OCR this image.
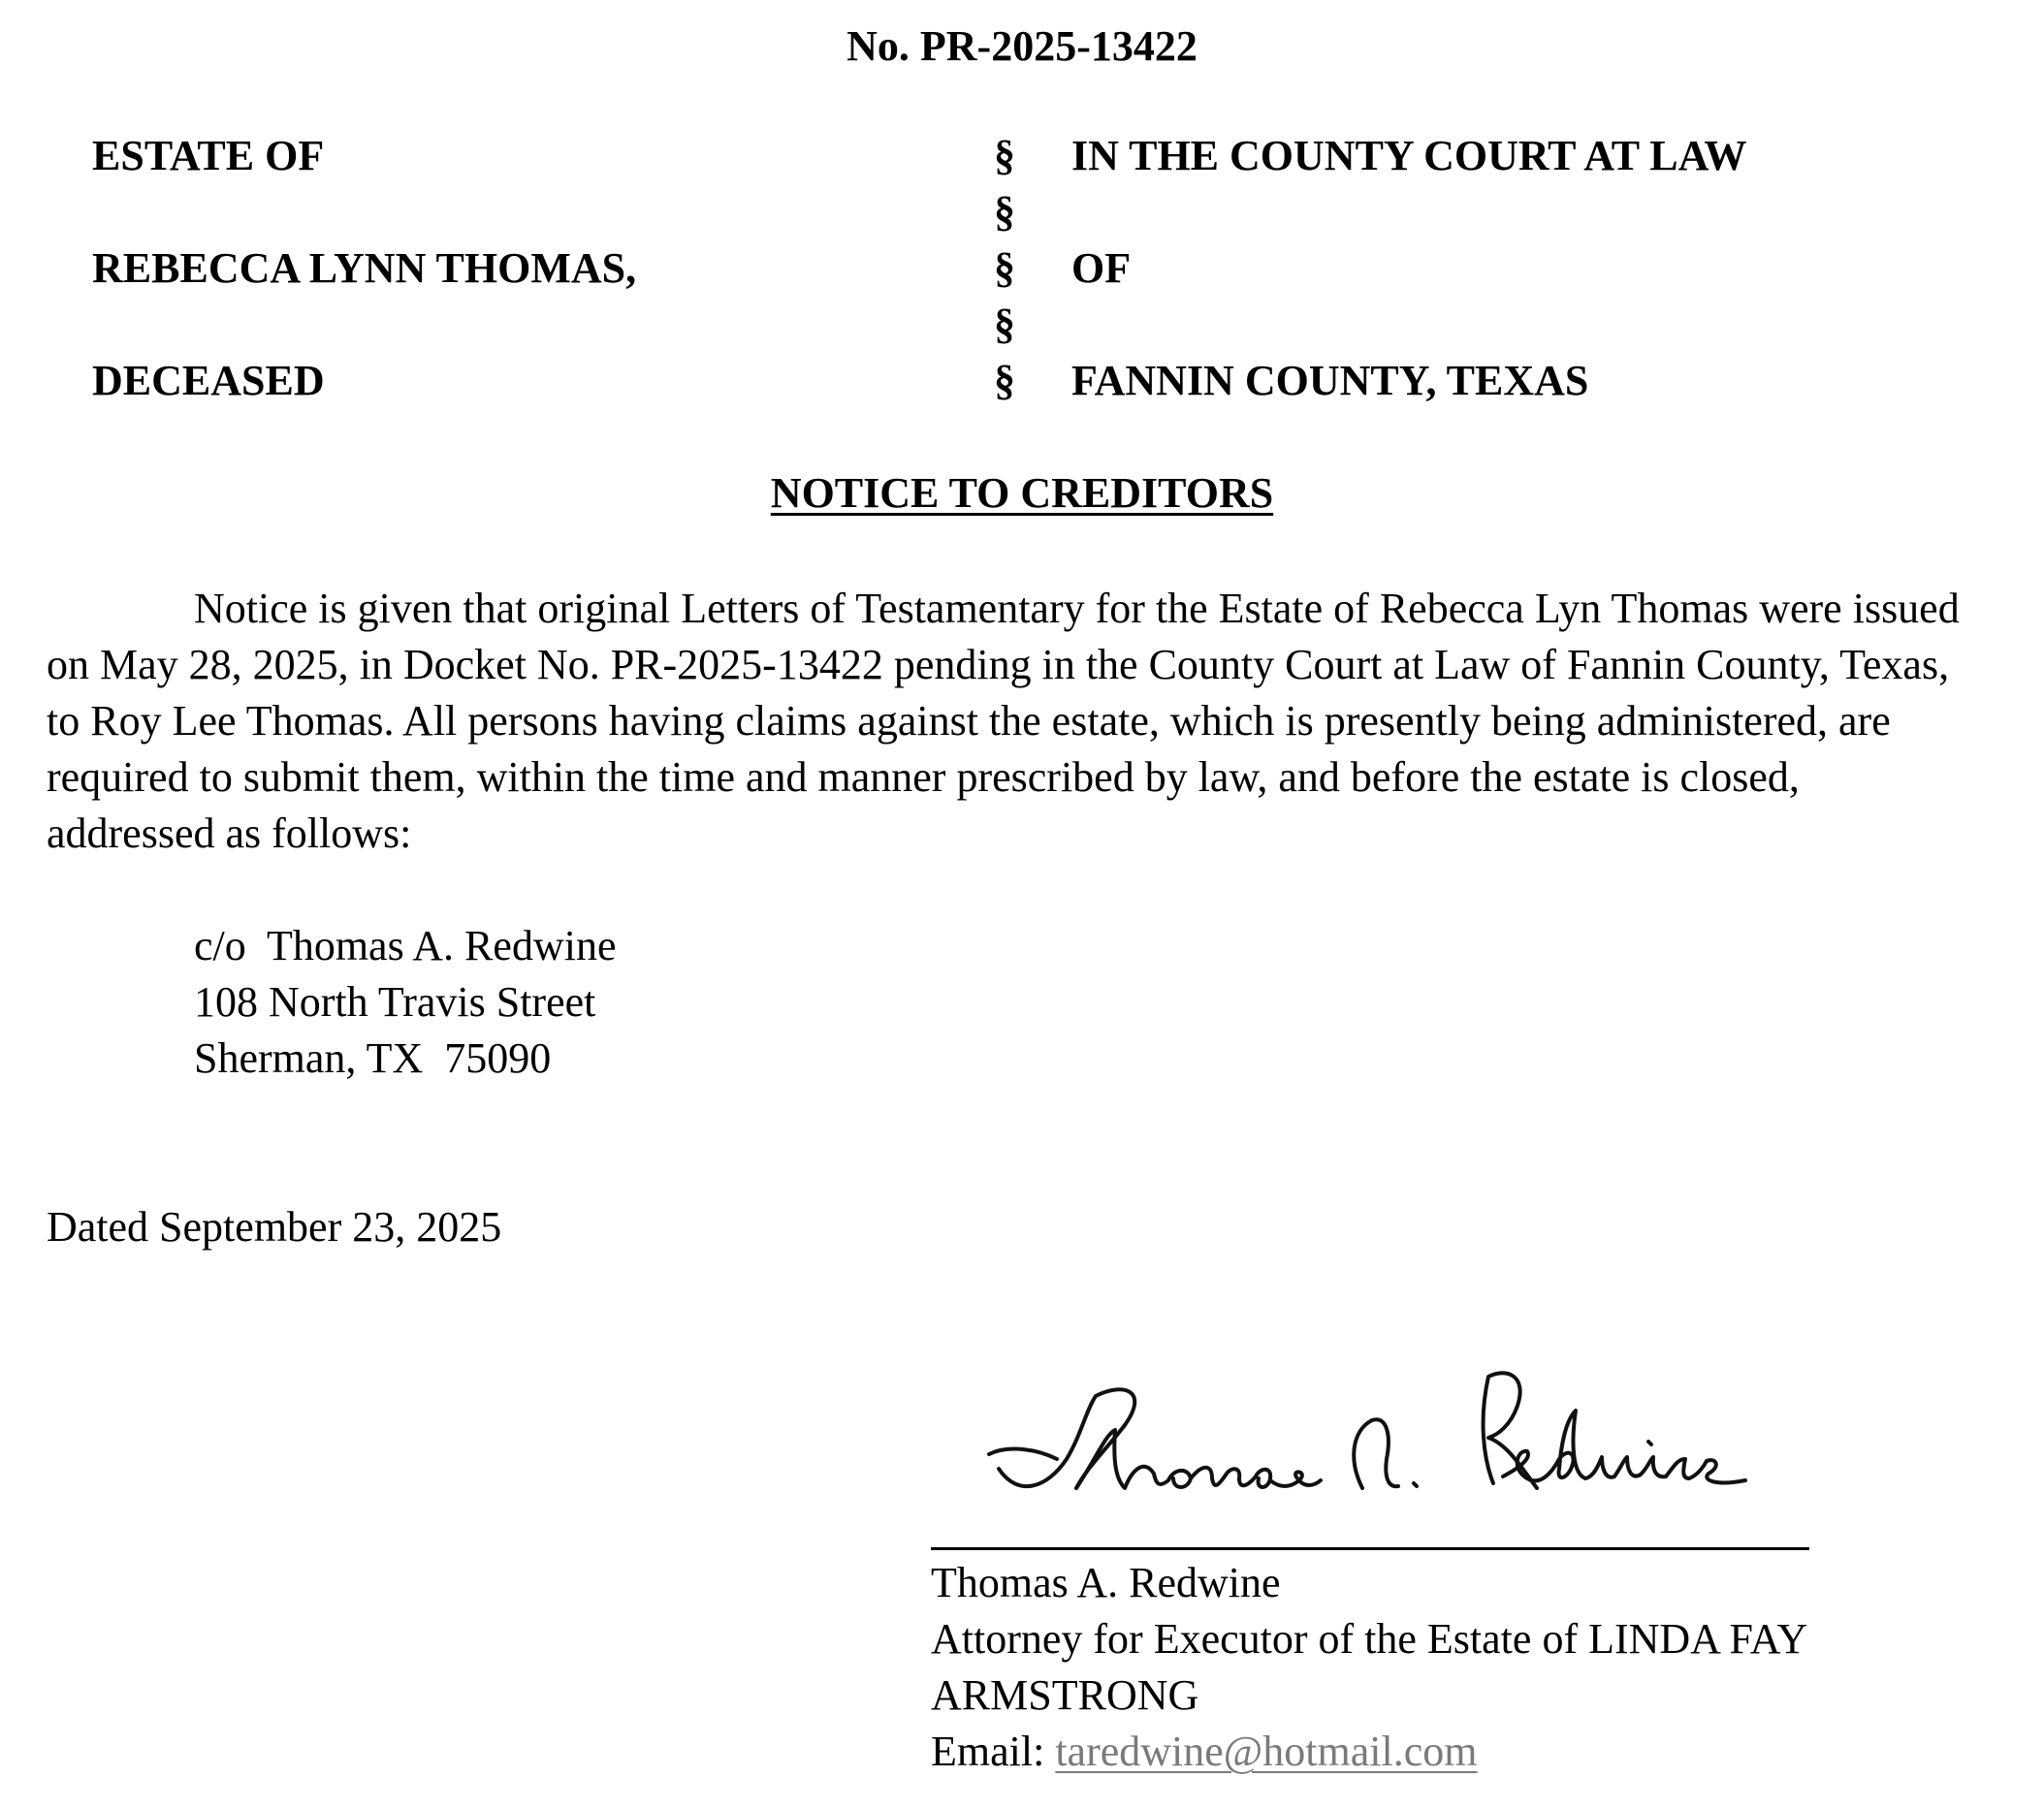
No. PR-2025-13422
ESTATE OF
REBECCA LYNN THOMAS,
DECEASED
§
§
§
§
§
IN THE COUNTY COURT AT LAW
OF
FANNIN COUNTY, TEXAS
NOTICE TO CREDITORS

Notice is given that original Letters of Testamentary for the Estate of Rebecca Lyn Thomas were issued on May 28, 2025, in Docket No. PR-2025-13422 pending in the County Court at Law of Fannin County, Texas, to Roy Lee Thomas. All persons having claims against the estate, which is presently being administered, are required to submit them, within the time and manner prescribed by law, and before the estate is closed, addressed as follows:

c/o  Thomas A. Redwine
108 North Travis Street
Sherman, TX  75090
Dated September 23, 2025
Thomas A. Redwine
Attorney for Executor of the Estate of LINDA FAY
ARMSTRONG
Email: taredwine@hotmail.com
